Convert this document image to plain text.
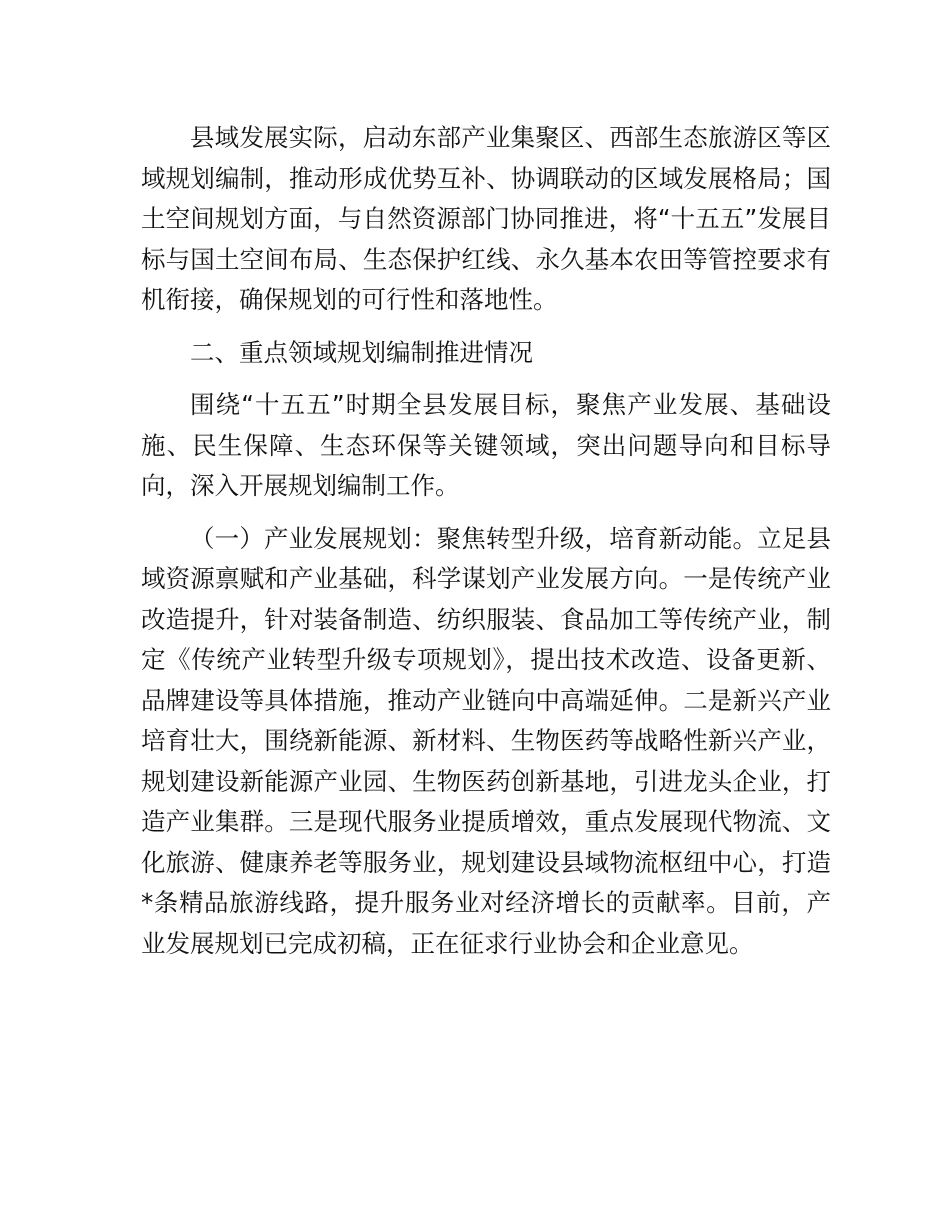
县域发展实际，启动东部产业集聚区、西部生态旅游区等区域规划编制，推动形成优势互补、协调联动的区域发展格局；国土空间规划方面，与自然资源部门协同推进，将“十五五”发展目标与国土空间布局、生态保护红线、永久基本农田等管控要求有机衔接，确保规划的可行性和落地性。

二、重点领域规划编制推进情况

围绕“十五五”时期全县发展目标，聚焦产业发展、基础设施、民生保障、生态环保等关键领域，突出问题导向和目标导向，深入开展规划编制工作。

（一）产业发展规划：聚焦转型升级，培育新动能。立足县域资源禀赋和产业基础，科学谋划产业发展方向。一是传统产业改造提升，针对装备制造、纺织服装、食品加工等传统产业，制定《传统产业转型升级专项规划》，提出技术改造、设备更新、品牌建设等具体措施，推动产业链向中高端延伸。二是新兴产业培育壮大，围绕新能源、新材料、生物医药等战略性新兴产业，规划建设新能源产业园、生物医药创新基地，引进龙头企业，打造产业集群。三是现代服务业提质增效，重点发展现代物流、文化旅游、健康养老等服务业，规划建设县域物流枢纽中心，打造*条精品旅游线路，提升服务业对经济增长的贡献率。目前，产业发展规划已完成初稿，正在征求行业协会和企业意见。
